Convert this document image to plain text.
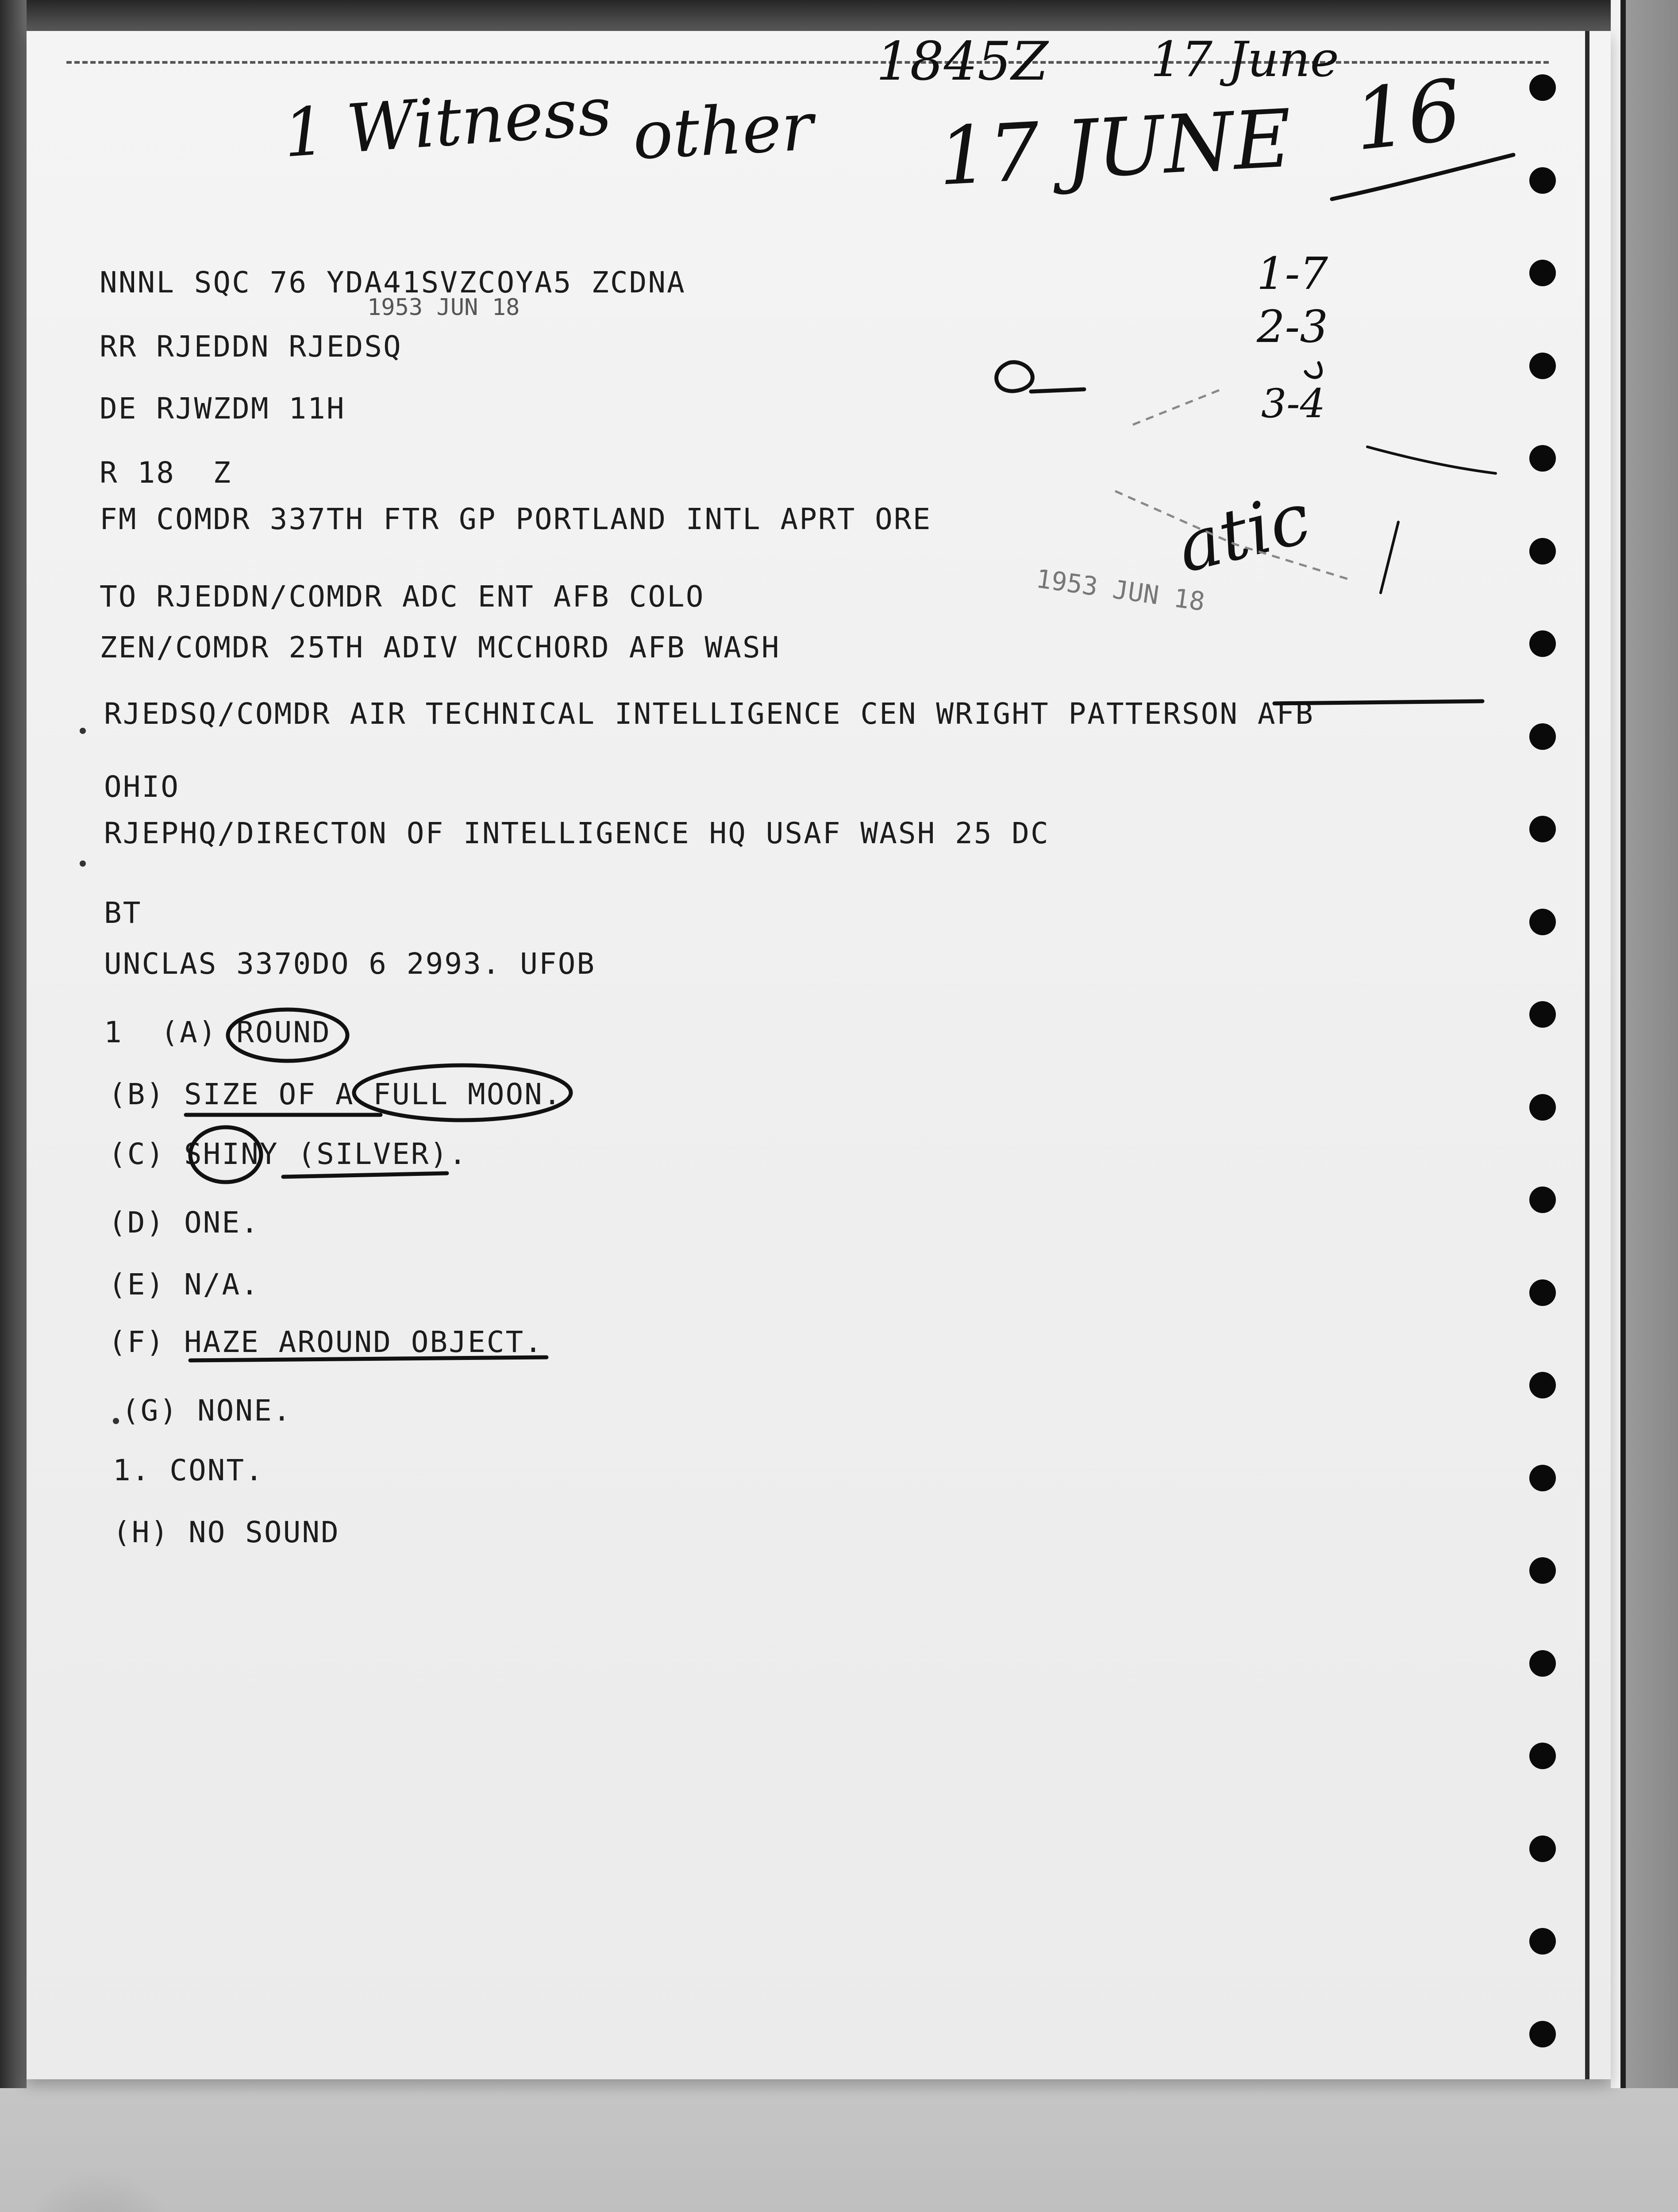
1 Witness other 17 JUNE 16
1845Z 17 June
1-7
2-3
3-4
atic
1953 JUN 18
1953 JUN 18
NNNL SQC 76 YDA41SVZCOYA5 ZCDNA
RR RJEDDN RJEDSQ
DE RJWZDM 11H
R 18  Z
FM COMDR 337TH FTR GP PORTLAND INTL APRT ORE
TO RJEDDN/COMDR ADC ENT AFB COLO
ZEN/COMDR 25TH ADIV MCCHORD AFB WASH
RJEDSQ/COMDR AIR TECHNICAL INTELLIGENCE CEN WRIGHT PATTERSON AFB
OHIO
RJEPHQ/DIRECTON OF INTELLIGENCE HQ USAF WASH 25 DC
BT
UNCLAS 3370DO 6 2993. UFOB
1  (A) ROUND
(B) SIZE OF A FULL MOON.
(C) SHINY (SILVER).
(D) ONE.
(E) N/A.
(F) HAZE AROUND OBJECT.
(G) NONE.
1. CONT.
(H) NO SOUND
